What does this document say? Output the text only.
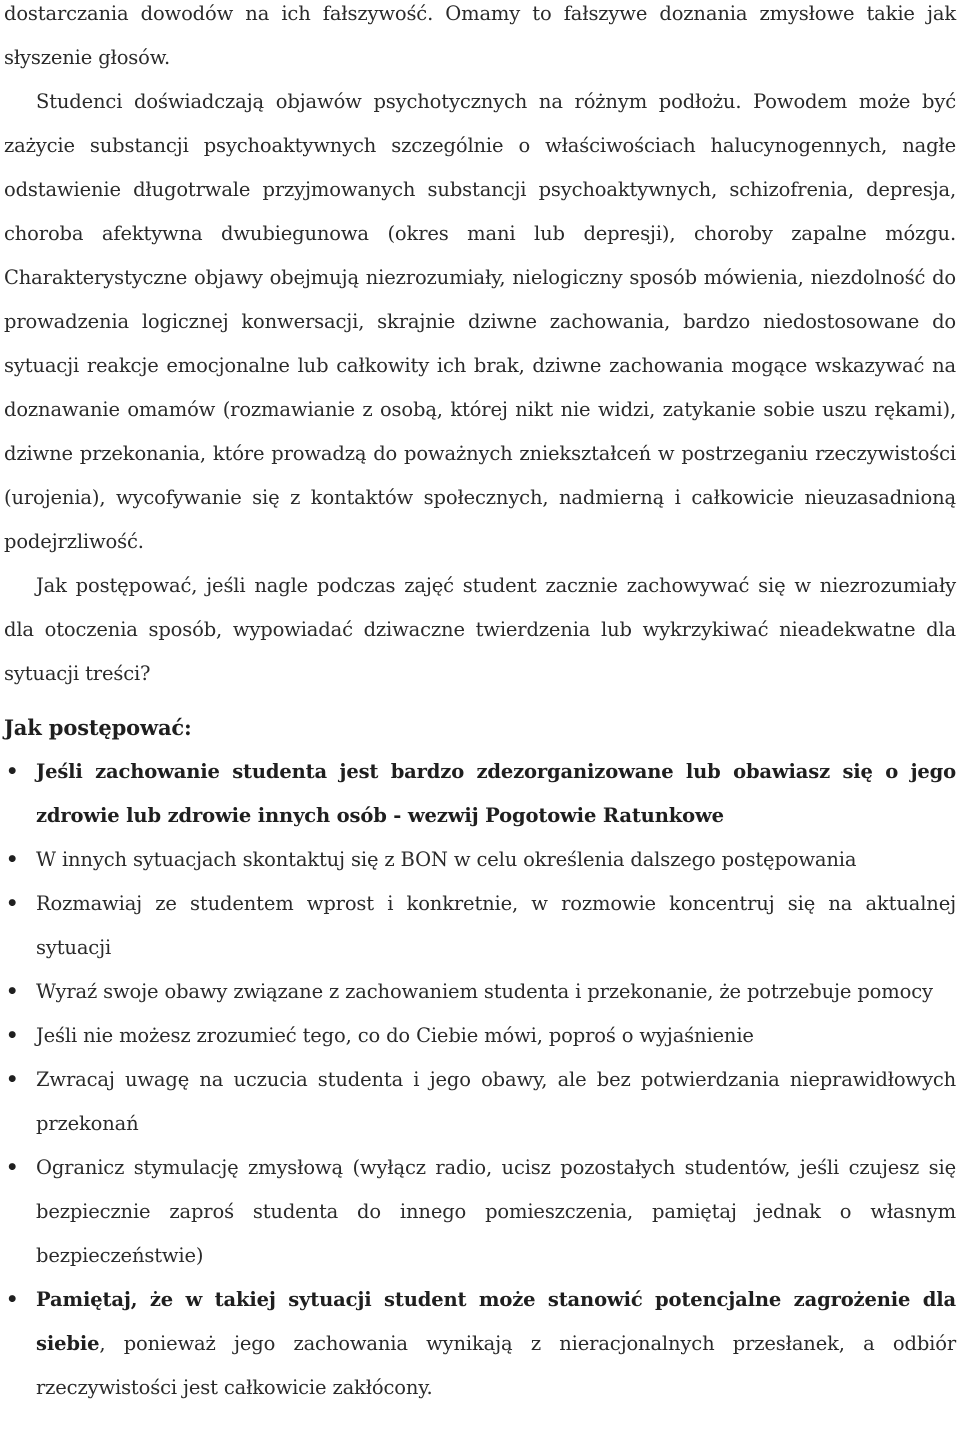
dostarczania dowodów na ich fałszywość. Omamy to fałszywe doznania zmysłowe takie jak słyszenie głosów.

Studenci doświadczają objawów psychotycznych na różnym podłożu. Powodem może być zażycie substancji psychoaktywnych szczególnie o właściwościach halucynogennych, nagłe odstawienie długotrwale przyjmowanych substancji psychoaktywnych, schizofrenia, depresja, choroba afektywna dwubiegunowa (okres mani lub depresji), choroby zapalne mózgu. Charakterystyczne objawy obejmują niezrozumiały, nielogiczny sposób mówienia, niezdolność do prowadzenia logicznej konwersacji, skrajnie dziwne zachowania, bardzo niedostosowane do sytuacji reakcje emocjonalne lub całkowity ich brak, dziwne zachowania mogące wskazywać na doznawanie omamów (rozmawianie z osobą, której nikt nie widzi, zatykanie sobie uszu rękami), dziwne przekonania, które prowadzą do poważnych zniekształceń w postrzeganiu rzeczywistości (urojenia), wycofywanie się z kontaktów społecznych, nadmierną i całkowicie nieuzasadnioną podejrzliwość.

Jak postępować, jeśli nagle podczas zajęć student zacznie zachowywać się w niezrozumiały dla otoczenia sposób, wypowiadać dziwaczne twierdzenia lub wykrzykiwać nieadekwatne dla sytuacji treści?

Jak postępować:
• Jeśli zachowanie studenta jest bardzo zdezorganizowane lub obawiasz się o jego zdrowie lub zdrowie innych osób - wezwij Pogotowie Ratunkowe
• W innych sytuacjach skontaktuj się z BON w celu określenia dalszego postępowania
• Rozmawiaj ze studentem wprost i konkretnie, w rozmowie koncentruj się na aktualnej sytuacji
• Wyraź swoje obawy związane z zachowaniem studenta i przekonanie, że potrzebuje pomocy
• Jeśli nie możesz zrozumieć tego, co do Ciebie mówi, poproś o wyjaśnienie
• Zwracaj uwagę na uczucia studenta i jego obawy, ale bez potwierdzania nieprawidłowych przekonań
• Ogranicz stymulację zmysłową (wyłącz radio, ucisz pozostałych studentów, jeśli czujesz się bezpiecznie zaproś studenta do innego pomieszczenia, pamiętaj jednak o własnym bezpieczeństwie)
• Pamiętaj, że w takiej sytuacji student może stanowić potencjalne zagrożenie dla siebie, ponieważ jego zachowania wynikają z nieracjonalnych przesłanek, a odbiór rzeczywistości jest całkowicie zakłócony.
